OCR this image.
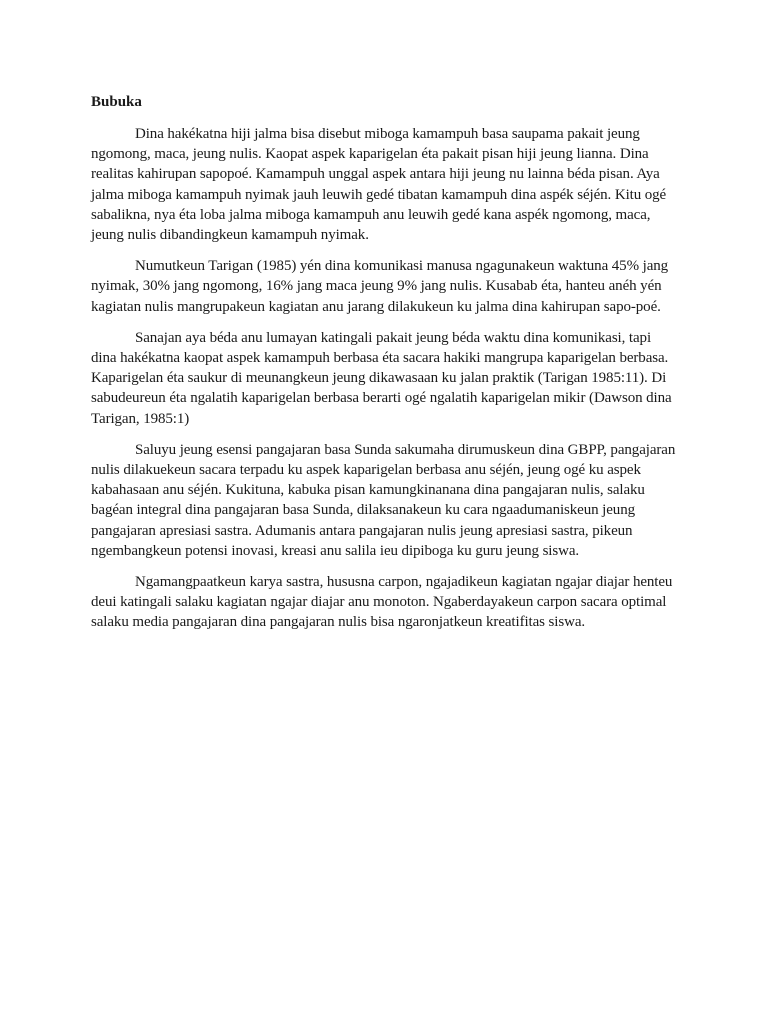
Bubuka

Dina hakékatna hiji jalma bisa disebut miboga kamampuh basa saupama pakait jeung ngomong, maca, jeung nulis. Kaopat aspek kaparigelan éta pakait pisan hiji jeung lianna. Dina realitas kahirupan sapopoé. Kamampuh unggal aspek antara hiji jeung nu lainna béda pisan. Aya jalma miboga kamampuh nyimak jauh leuwih gedé tibatan kamampuh dina aspék séjén. Kitu ogé sabalikna, nya éta loba jalma miboga kamampuh anu leuwih gedé kana aspék ngomong, maca, jeung nulis dibandingkeun kamampuh nyimak.

Numutkeun Tarigan (1985) yén dina komunikasi manusa ngagunakeun waktuna 45% jang nyimak, 30% jang ngomong, 16% jang maca jeung 9% jang nulis. Kusabab éta, hanteu anéh yén kagiatan nulis mangrupakeun kagiatan anu jarang dilakukeun ku jalma dina kahirupan sapo-poé.

Sanajan aya béda anu lumayan katingali pakait jeung béda waktu dina komunikasi, tapi dina hakékatna kaopat aspek kamampuh berbasa éta sacara hakiki mangrupa kaparigelan berbasa. Kaparigelan éta saukur di meunangkeun jeung dikawasaan ku jalan praktik (Tarigan 1985:11). Di sabudeureun éta ngalatih kaparigelan berbasa berarti ogé ngalatih kaparigelan mikir (Dawson dina Tarigan, 1985:1)

Saluyu jeung esensi pangajaran basa Sunda sakumaha dirumuskeun dina GBPP, pangajaran nulis dilakuekeun sacara terpadu ku aspek kaparigelan berbasa anu séjén, jeung ogé ku aspek kabahasaan anu séjén. Kukituna, kabuka pisan kamungkinanana dina pangajaran nulis, salaku bagéan integral dina pangajaran basa Sunda, dilaksanakeun ku cara ngaadumaniskeun jeung pangajaran apresiasi sastra. Adumanis antara pangajaran nulis jeung apresiasi sastra, pikeun ngembangkeun potensi inovasi, kreasi anu salila ieu dipiboga ku guru jeung siswa.

Ngamangpaatkeun karya sastra, hususna carpon, ngajadikeun kagiatan ngajar diajar henteu deui katingali salaku kagiatan ngajar diajar anu monoton. Ngaberdayakeun carpon sacara optimal salaku media pangajaran dina pangajaran nulis bisa ngaronjatkeun kreatifitas siswa.
